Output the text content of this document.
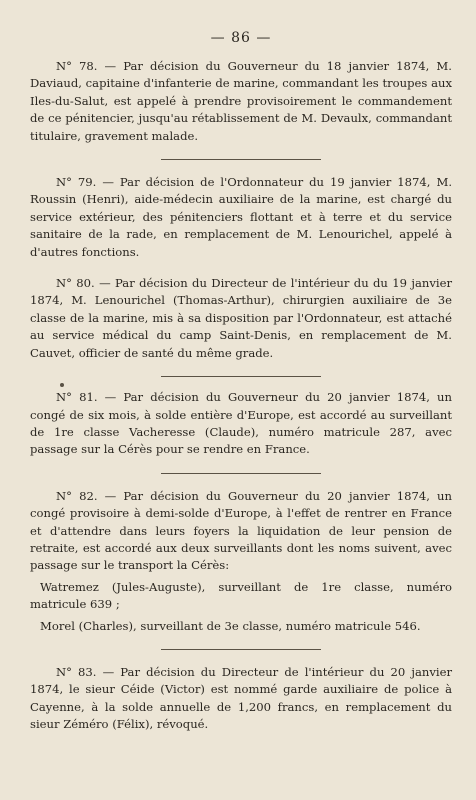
— 86 —

N° 78. — Par décision du Gouverneur du 18 janvier 1874, M. Daviaud, capitaine d'infanterie de marine, commandant les troupes aux Iles-du-Salut, est appelé à prendre provisoirement le commandement de ce pénitencier, jusqu'au rétablissement de M. Devaulx, commandant titulaire, gravement malade.

N° 79. — Par décision de l'Ordonnateur du 19 janvier 1874, M. Roussin (Henri), aide-médecin auxiliaire de la marine, est chargé du service extérieur, des pénitenciers flottant et à terre et du service sanitaire de la rade, en remplacement de M. Lenourichel, appelé à d'autres fonctions.

N° 80. — Par décision du Directeur de l'intérieur du du 19 janvier 1874, M. Lenourichel (Thomas-Arthur), chirurgien auxiliaire de 3e classe de la marine, mis à sa disposition par l'Ordonnateur, est attaché au service médical du camp Saint-Denis, en remplacement de M. Cauvet, officier de santé du même grade.

N° 81. — Par décision du Gouverneur du 20 janvier 1874, un congé de six mois, à solde entière d'Europe, est accordé au surveillant de 1re classe Vacheresse (Claude), numéro matricule 287, avec passage sur la Cérès pour se rendre en France.

N° 82. — Par décision du Gouverneur du 20 janvier 1874, un congé provisoire à demi-solde d'Europe, à l'effet de rentrer en France et d'attendre dans leurs foyers la liquidation de leur pension de retraite, est accordé aux deux surveillants dont les noms suivent, avec passage sur le transport la Cérès:

Watremez (Jules-Auguste), surveillant de 1re classe, numéro matricule 639 ;

Morel (Charles), surveillant de 3e classe, numéro matricule 546.

N° 83. — Par décision du Directeur de l'intérieur du 20 janvier 1874, le sieur Céide (Victor) est nommé garde auxiliaire de police à Cayenne, à la solde annuelle de 1,200 francs, en remplacement du sieur Zéméro (Félix), révoqué.
